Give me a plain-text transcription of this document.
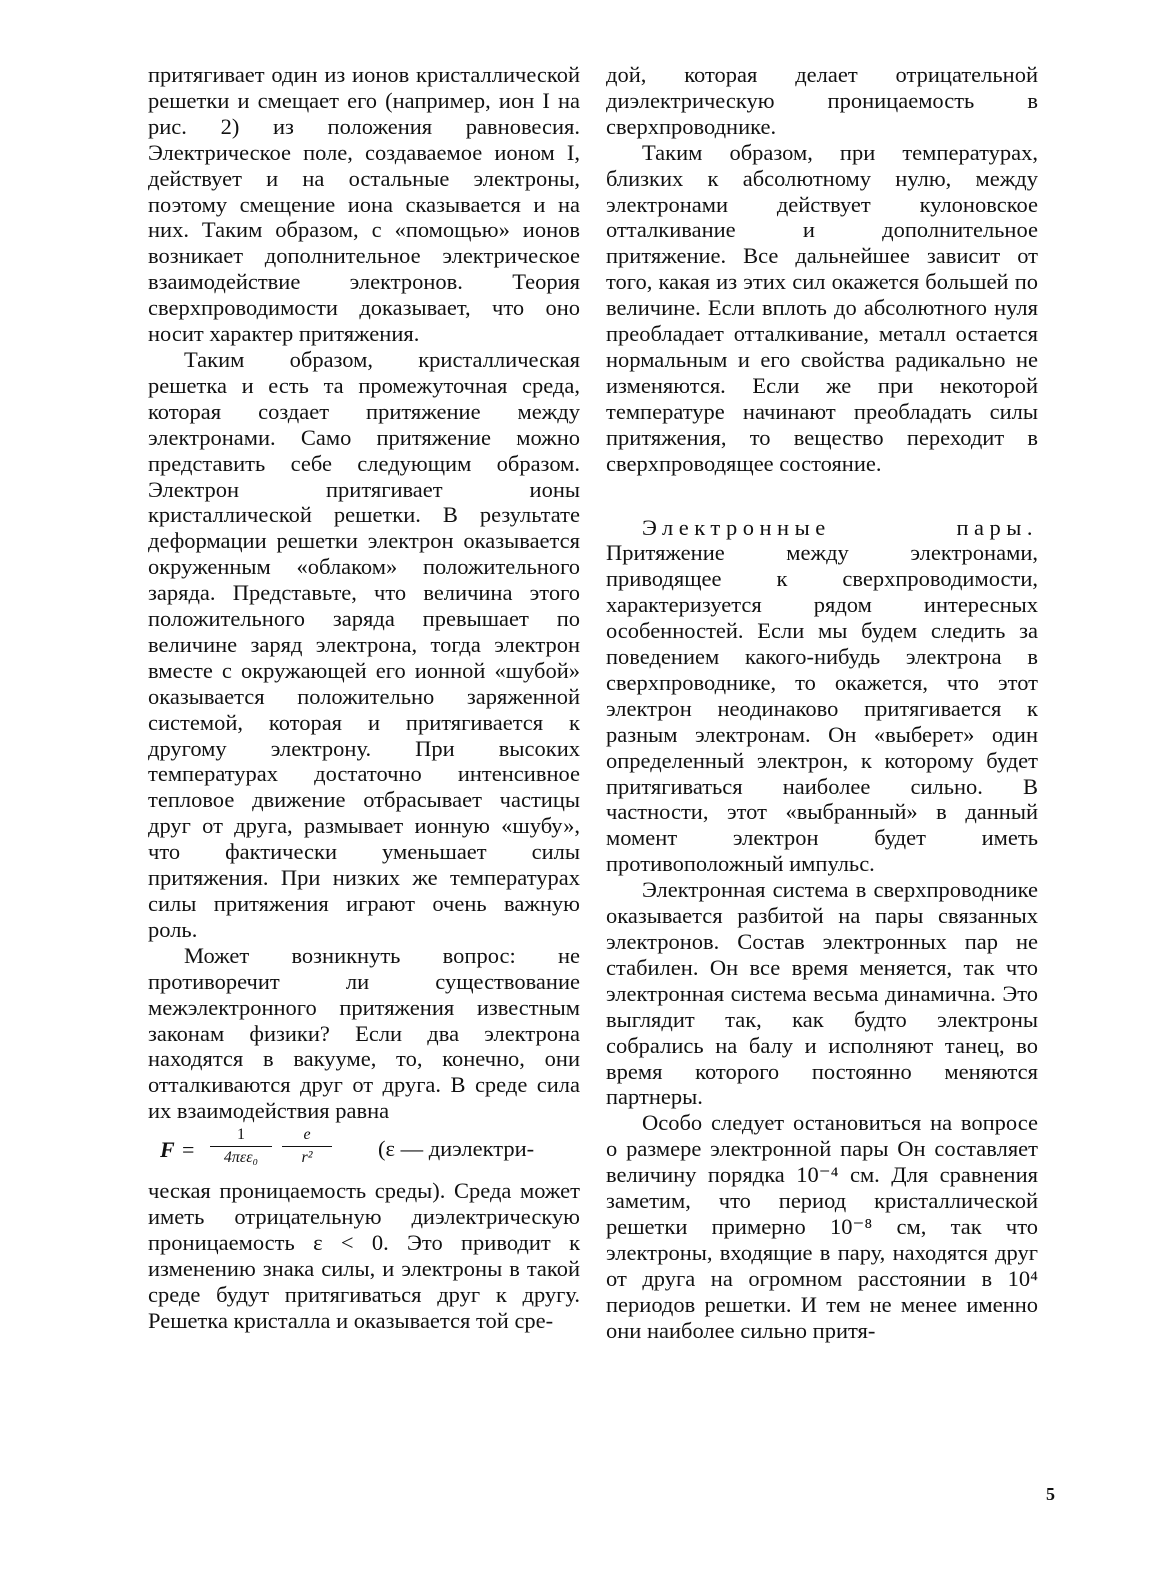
притягивает один из ионов кристаллической решетки и смещает его (например, ион I на рис. 2) из положения равновесия. Электрическое поле, создаваемое ионом I, действует и на остальные электроны, поэтому смещение иона сказывается и на них. Таким образом, с «помощью» ионов возникает дополнительное электрическое взаимодействие электронов. Теория сверхпроводимости доказывает, что оно носит характер притяжения.

Таким образом, кристаллическая решетка и есть та промежуточная среда, которая создает притяжение между электронами. Само притяжение можно представить себе следующим образом. Электрон притягивает ионы кристаллической решетки. В результате деформации решетки электрон оказывается окруженным «облаком» положительного заряда. Представьте, что величина этого положительного заряда превышает по величине заряд электрона, тогда электрон вместе с окружающей его ионной «шубой» оказывается положительно заряженной системой, которая и притягивается к другому электрону. При высоких температурах достаточно интенсивное тепловое движение отбрасывает частицы друг от друга, размывает ионную «шубу», что фактически уменьшает силы притяжения. При низких же температурах силы притяжения играют очень важную роль.

Может возникнуть вопрос: не противоречит ли существование межэлектронного притяжения известным законам физики? Если два электрона находятся в вакууме, то, конечно, они отталкиваются друг от друга. В среде сила их взаимодействия равна

F =
1
4πεε₀	$\frac{e}{\text{r²}} (\varepsilon$ — диэлектри-

ческая проницаемость среды). Среда может иметь отрицательную диэлектрическую проницаемость ε < 0. Это приводит к изменению знака силы, и электроны в такой среде будут притягиваться друг к другу. Решетка кристалла и оказывается той сре-

дой, которая делает отрицательной диэлектрическую проницаемость в сверхпроводнике.

Таким образом, при температурах, близких к абсолютному нулю, между электронами действует кулоновское отталкивание и дополнительное притяжение. Все дальнейшее зависит от того, какая из этих сил окажется большей по величине. Если вплоть до абсолютного нуля преобладает отталкивание, металл остается нормальным и его свойства радикально не изменяются. Если же при некоторой температуре начинают преобладать силы притяжения, то вещество переходит в сверхпроводящее состояние.

Электронные пары. Притяжение между электронами, приводящее к сверхпроводимости, характеризуется рядом интересных особенностей. Если мы будем следить за поведением какого-нибудь электрона в сверхпроводнике, то окажется, что этот электрон неодинаково притягивается к разным электронам. Он «выберет» один определенный электрон, к которому будет притягиваться наиболее сильно. В частности, этот «выбранный» в данный момент электрон будет иметь противоположный импульс.

Электронная система в сверхпроводнике оказывается разбитой на пары связанных электронов. Состав электронных пар не стабилен. Он все время меняется, так что электронная система весьма динамична. Это выглядит так, как будто электроны собрались на балу и исполняют танец, во время которого постоянно меняются партнеры.

Особо следует остановиться на вопросе о размере электронной пары Он составляет величину порядка 10⁻⁴ см. Для сравнения заметим, что период кристаллической решетки примерно 10⁻⁸ см, так что электроны, входящие в пару, находятся друг от друга на огромном расстоянии в 10⁴ периодов решетки. И тем не менее именно они наиболее сильно притя-

5
